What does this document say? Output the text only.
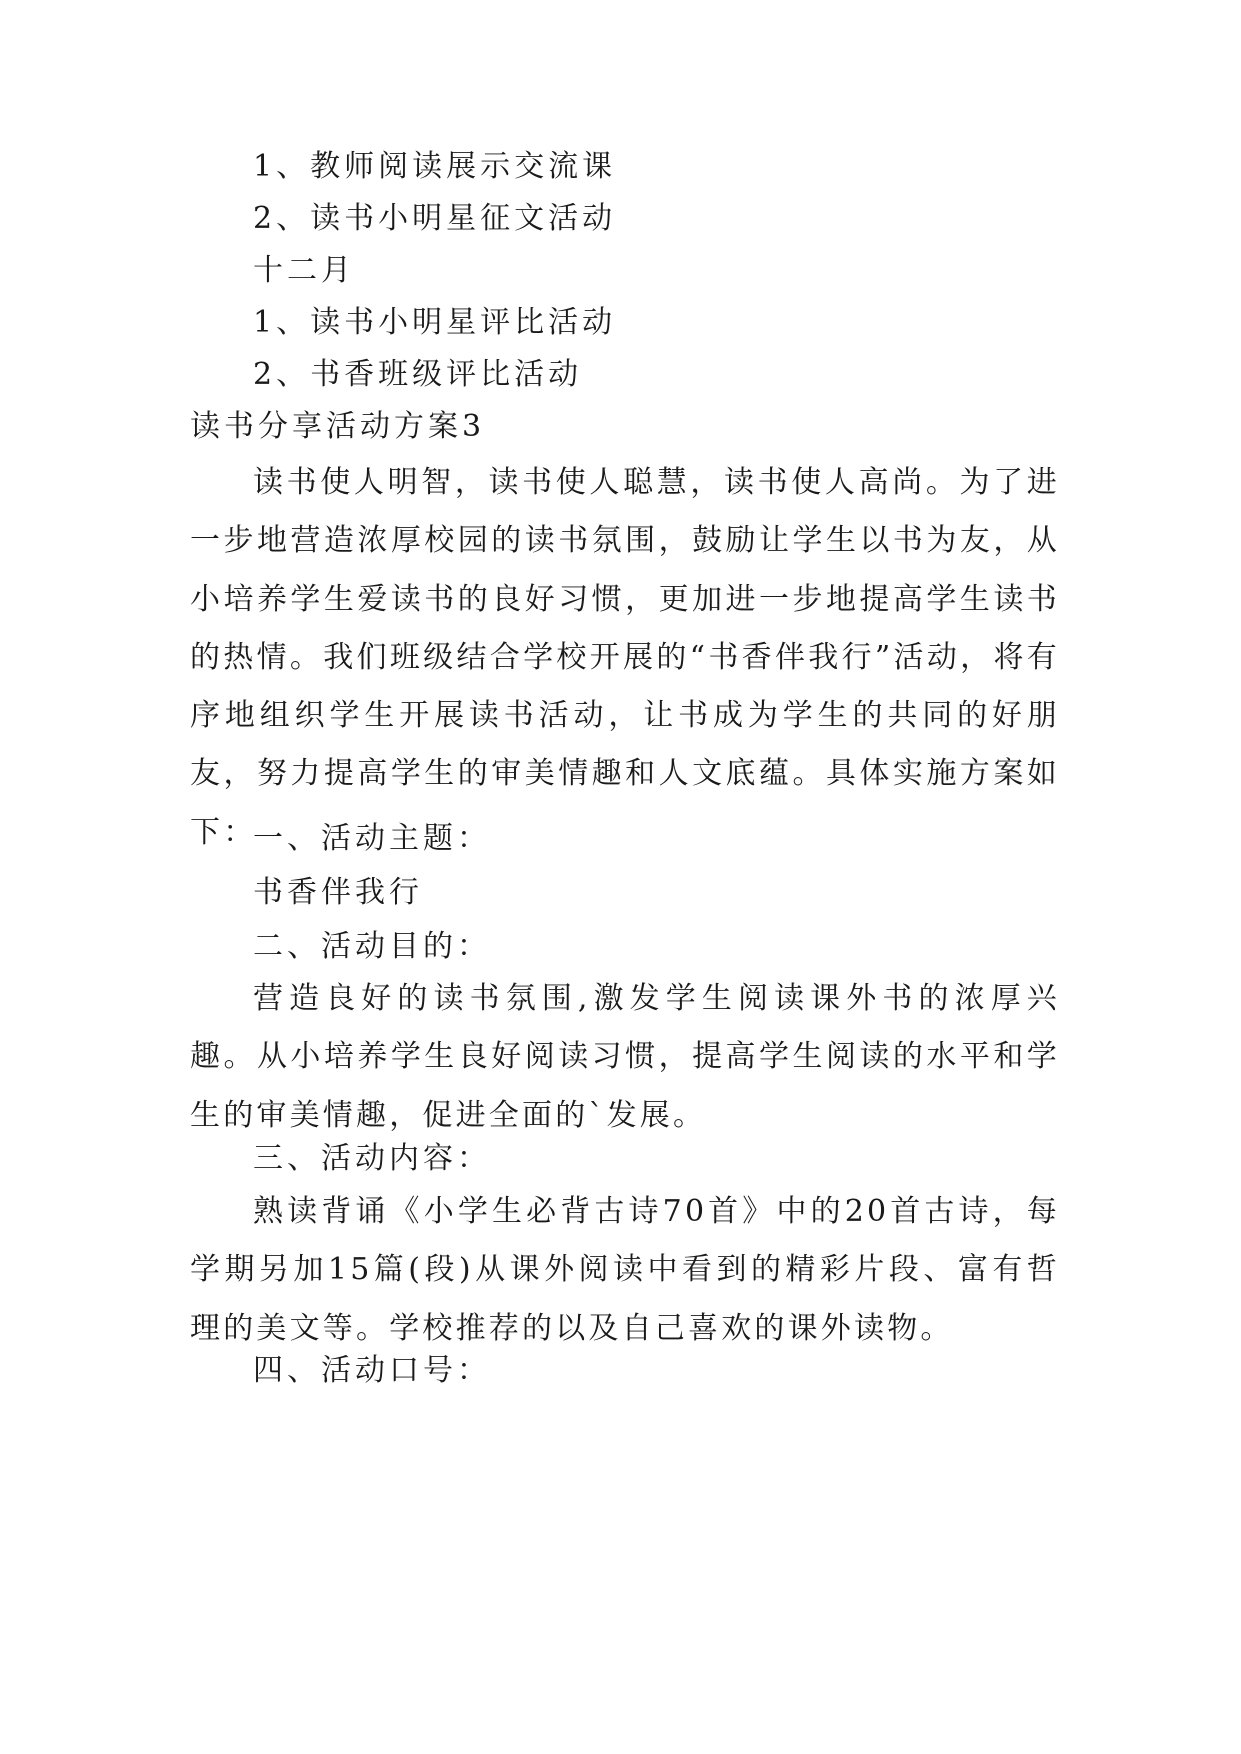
1、教师阅读展示交流课
2、读书小明星征文活动
十二月
1、读书小明星评比活动
2、书香班级评比活动
读书分享活动方案3

读书使人明智，读书使人聪慧，读书使人高尚。为了进一步地营造浓厚校园的读书氛围，鼓励让学生以书为友，从小培养学生爱读书的良好习惯，更加进一步地提高学生读书的热情。我们班级结合学校开展的“书香伴我行”活动，将有序地组织学生开展读书活动，让书成为学生的共同的好朋友，努力提高学生的审美情趣和人文底蕴。具体实施方案如下：

一、活动主题：
书香伴我行
二、活动目的：

营造良好的读书氛围,激发学生阅读课外书的浓厚兴趣。从小培养学生良好阅读习惯，提高学生阅读的水平和学生的审美情趣，促进全面的`发展。

三、活动内容：

熟读背诵《小学生必背古诗70首》中的20首古诗，每学期另加15篇(段)从课外阅读中看到的精彩片段、富有哲理的美文等。学校推荐的以及自己喜欢的课外读物。

四、活动口号：
